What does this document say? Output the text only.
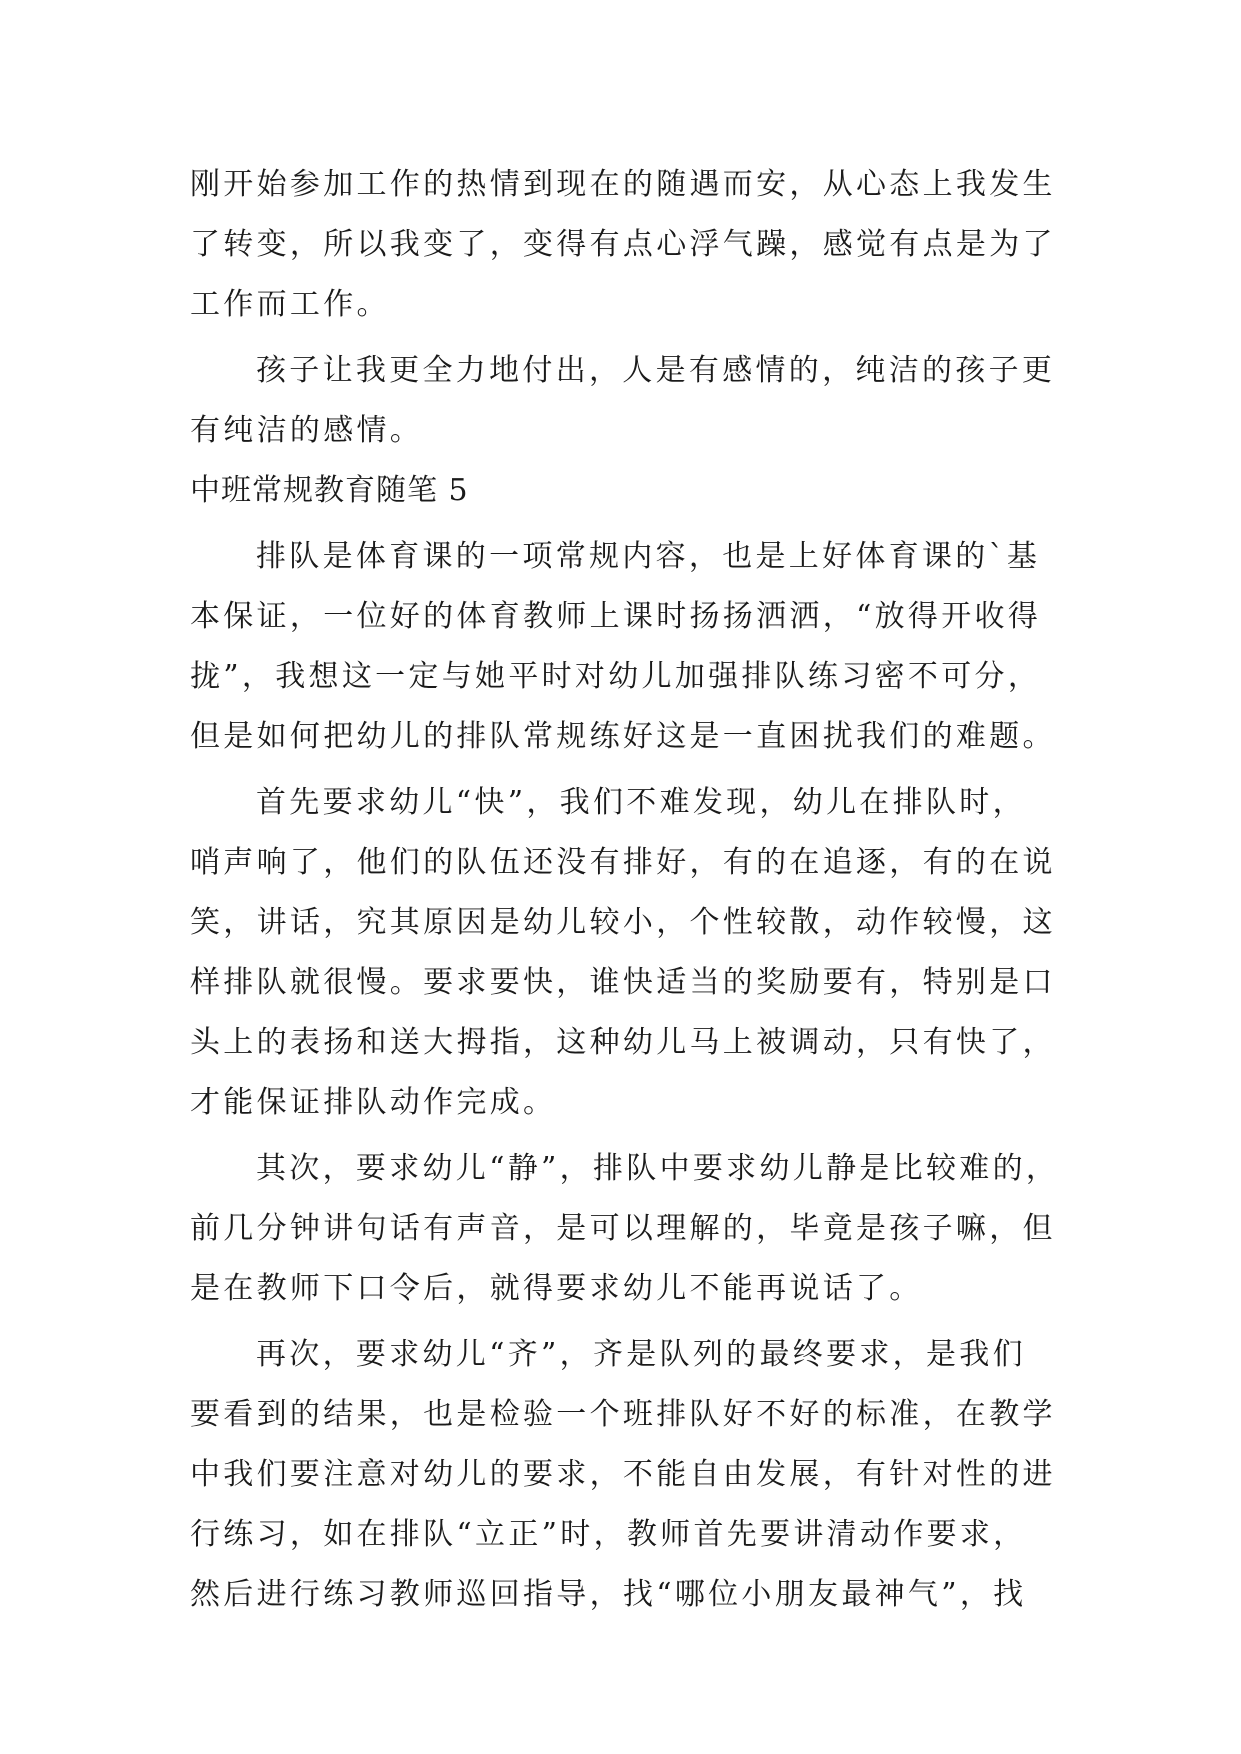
刚开始参加工作的热情到现在的随遇而安，从心态上我发生
了转变，所以我变了，变得有点心浮气躁，感觉有点是为了
工作而工作。
孩子让我更全力地付出，人是有感情的，纯洁的孩子更
有纯洁的感情。
中班常规教育随笔 5
排队是体育课的一项常规内容，也是上好体育课的`基
本保证，一位好的体育教师上课时扬扬洒洒，“放得开收得
拢”，我想这一定与她平时对幼儿加强排队练习密不可分，
但是如何把幼儿的排队常规练好这是一直困扰我们的难题。
首先要求幼儿“快”，我们不难发现，幼儿在排队时，
哨声响了，他们的队伍还没有排好，有的在追逐，有的在说
笑，讲话，究其原因是幼儿较小，个性较散，动作较慢，这
样排队就很慢。要求要快，谁快适当的奖励要有，特别是口
头上的表扬和送大拇指，这种幼儿马上被调动，只有快了，
才能保证排队动作完成。
其次，要求幼儿“静”，排队中要求幼儿静是比较难的，
前几分钟讲句话有声音，是可以理解的，毕竟是孩子嘛，但
是在教师下口令后，就得要求幼儿不能再说话了。
再次，要求幼儿“齐”，齐是队列的最终要求，是我们
要看到的结果，也是检验一个班排队好不好的标准，在教学
中我们要注意对幼儿的要求，不能自由发展，有针对性的进
行练习，如在排队“立正”时，教师首先要讲清动作要求，
然后进行练习教师巡回指导，找“哪位小朋友最神气”，找
